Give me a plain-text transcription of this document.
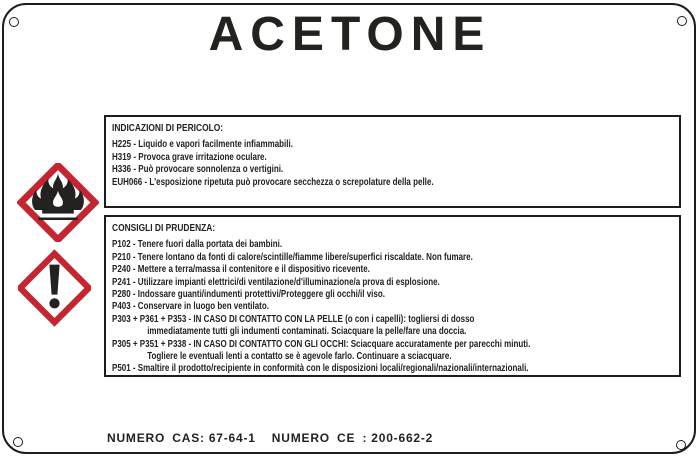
ACETONE
INDICAZIONI DI PERICOLO:
H225 - Liquido e vapori facilmente infiammabili.
H319 - Provoca grave irritazione oculare.
H336 - Può provocare sonnolenza o vertigini.
EUH066 - L'esposizione ripetuta può provocare secchezza o screpolature della pelle.
CONSIGLI DI PRUDENZA:
P102 - Tenere fuori dalla portata dei bambini.
P210 - Tenere lontano da fonti di calore/scintille/fiamme libere/superfici riscaldate. Non fumare.
P240 - Mettere a terra/massa il contenitore e il dispositivo ricevente.
P241 - Utilizzare impianti elettrici/di ventilazione/d'illuminazione/a prova di esplosione.
P280 - Indossare guanti/indumenti protettivi/Proteggere gli occhi/il viso.
P403 - Conservare in luogo ben ventilato.
P303 + P361 + P353 - IN CASO DI CONTATTO CON LA PELLE (o con i capelli): togliersi di dosso
immediatamente tutti gli indumenti contaminati. Sciacquare la pelle/fare una doccia.
P305 + P351 + P338 - IN CASO DI CONTATTO CON GLI OCCHI: Sciacquare accuratamente per parecchi minuti.
Togliere le eventuali lenti a contatto se è agevole farlo. Continuare a sciacquare.
P501 - Smaltire il prodotto/recipiente in conformità con le disposizioni locali/regionali/nazionali/internazionali.
NUMERO CAS: 67-64-1 NUMERO CE : 200-662-2
